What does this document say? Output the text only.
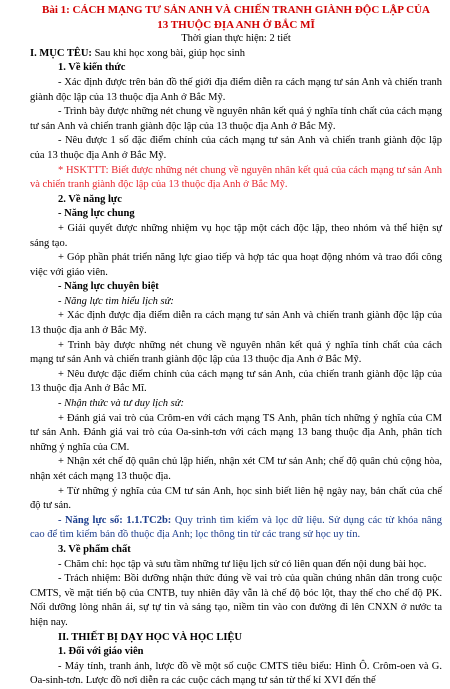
Bài 1: CÁCH MẠNG TƯ SẢN ANH VÀ CHIẾN TRANH GIÀNH ĐỘC LẬP CỦA

13 THUỘC ĐỊA ANH Ở BẮC MĨ

Thời gian thực hiện: 2 tiết

I. MỤC TÊU: Sau khi học xong bài, giúp học sinh

1. Về kiến thức

- Xác định được trên bản đồ thế giới địa điểm diễn ra cách mạng tư sản Anh và chiến tranh giành độc lập của 13 thuộc địa Anh ở Bắc Mỹ.

- Trình bày được những nét chung về nguyên nhân kết quả ý nghĩa tính chất của cách mạng tư sản Anh và chiến tranh giành độc lập của 13 thuộc địa Anh ở Bắc Mỹ.

- Nêu được 1 số đặc điểm chính của cách mạng tư sản Anh và chiến tranh giành độc lập của 13 thuộc địa Anh ở Bắc Mỹ.

* HSKTTT: Biết được những nét chung về nguyên nhân kết quả của cách mạng tư sản Anh và chiến tranh giành độc lập của 13 thuộc địa Anh ở Bắc Mỹ.

2. Về năng lực

- Năng lực chung

+ Giải quyết được những nhiệm vụ học tập một cách độc lập, theo nhóm và thể hiện sự sáng tạo.

+ Góp phần phát triển năng lực giao tiếp và hợp tác qua hoạt động nhóm và trao đổi công việc với giáo viên.

- Năng lực chuyên biệt

- Năng lực tìm hiểu lịch sử:

+ Xác định được địa điểm diễn ra cách mạng tư sản Anh và chiến tranh giành độc lập của 13 thuộc địa anh ở Bắc Mỹ.

+ Trình bày được những nét chung về nguyên nhân kết quả ý nghĩa tính chất của cách mạng tư sản Anh và chiến tranh giành độc lập của 13 thuộc địa Anh ở Bắc Mỹ.

+ Nêu được đặc điểm chính của cách mạng tư sản Anh, của chiến tranh giành độc lập của 13 thuộc địa Anh ở Bắc Mĩ.

- Nhận thức và tư duy lịch sử:

+ Đánh giá vai trò của Crôm-en với cách mạng TS Anh, phân tích những ý nghĩa của CM tư sản Anh. Đánh giá vai trò của Oa-sinh-tơn với cách mạng 13 bang thuộc địa Anh, phân tích những ý nghĩa của CM.

+ Nhận xét chế độ quân chủ lập hiến, nhận xét CM tư sản Anh; chế độ quân chủ cộng hòa, nhận xét cách mạng 13 thuộc địa.

+ Từ những ý nghĩa của CM tư sản Anh, học sinh biết liên hệ ngày nay, bản chất của chế độ tư sản.

- Năng lực số: 1.1.TC2b: Quy trình tìm kiếm và lọc dữ liệu. Sử dụng các từ khóa nâng cao để tìm kiếm bản đồ thuộc địa Anh; lọc thông tin từ các trang sử học uy tín.

3. Về phẩm chất

- Chăm chỉ: học tập và sưu tầm những tư liệu lịch sử có liên quan đến nội dung bài học.

- Trách nhiệm: Bồi dưỡng nhận thức đúng về vai trò của quần chúng nhân dân trong cuộc CMTS, về mặt tiến bộ của CNTB, tuy nhiên đây vẫn là chế độ bóc lột, thay thế cho chế độ PK. Nối dưỡng lòng nhân ái, sự tự tin và sáng tạo, niềm tin vào con đường đi lên CNXN ở nước ta hiện nay.

II. THIẾT BỊ DẠY HỌC VÀ HỌC LIỆU

1. Đối với giáo viên

- Máy tính, tranh ảnh, lược đồ về một số cuộc CMTS tiêu biểu: Hình Ô. Crôm-oen và G. Oa-sinh-tơn. Lược đồ nơi diễn ra các cuộc cách mạng tư sản từ thế kỉ XVI đến thế
